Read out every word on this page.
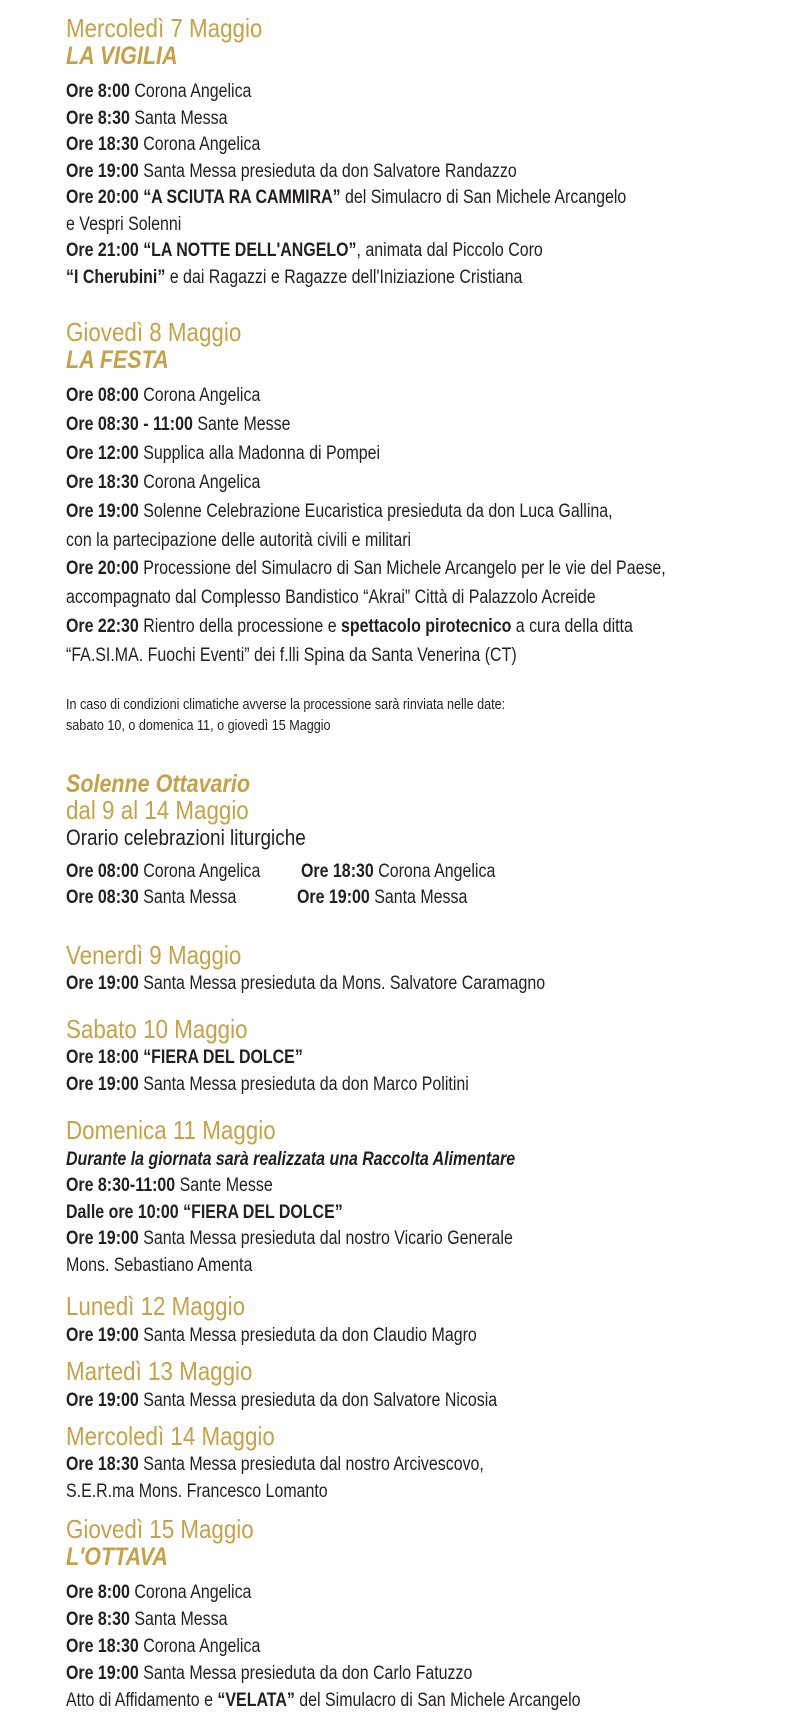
Mercoledì 7 Maggio
LA VIGILIA
Ore 8:00 Corona Angelica
Ore 8:30 Santa Messa
Ore 18:30 Corona Angelica
Ore 19:00 Santa Messa presieduta da don Salvatore Randazzo
Ore 20:00 “A SCIUTA RA CAMMIRA” del Simulacro di San Michele Arcangelo
e Vespri Solenni
Ore 21:00 “LA NOTTE DELL'ANGELO”, animata dal Piccolo Coro
“I Cherubini” e dai Ragazzi e Ragazze dell'Iniziazione Cristiana
Giovedì 8 Maggio
LA FESTA
Ore 08:00 Corona Angelica
Ore 08:30 - 11:00 Sante Messe
Ore 12:00 Supplica alla Madonna di Pompei
Ore 18:30 Corona Angelica
Ore 19:00 Solenne Celebrazione Eucaristica presieduta da don Luca Gallina,
con la partecipazione delle autorità civili e militari
Ore 20:00 Processione del Simulacro di San Michele Arcangelo per le vie del Paese,
accompagnato dal Complesso Bandistico “Akrai” Città di Palazzolo Acreide
Ore 22:30 Rientro della processione e spettacolo pirotecnico a cura della ditta
“FA.SI.MA. Fuochi Eventi” dei f.lli Spina da Santa Venerina (CT)
In caso di condizioni climatiche avverse la processione sarà rinviata nelle date:
sabato 10, o domenica 11, o giovedì 15 Maggio
Solenne Ottavario
dal 9 al 14 Maggio
Orario celebrazioni liturgiche
Ore 08:00 Corona Angelica
Ore 08:30 Santa Messa
Ore 18:30 Corona Angelica
Ore 19:00 Santa Messa
Venerdì 9 Maggio
Ore 19:00 Santa Messa presieduta da Mons. Salvatore Caramagno
Sabato 10 Maggio
Ore 18:00 “FIERA DEL DOLCE”
Ore 19:00 Santa Messa presieduta da don Marco Politini
Domenica 11 Maggio
Durante la giornata sarà realizzata una Raccolta Alimentare
Ore 8:30-11:00 Sante Messe
Dalle ore 10:00 “FIERA DEL DOLCE”
Ore 19:00 Santa Messa presieduta dal nostro Vicario Generale
Mons. Sebastiano Amenta
Lunedì 12 Maggio
Ore 19:00 Santa Messa presieduta da don Claudio Magro
Martedì 13 Maggio
Ore 19:00 Santa Messa presieduta da don Salvatore Nicosia
Mercoledì 14 Maggio
Ore 18:30 Santa Messa presieduta dal nostro Arcivescovo,
S.E.R.ma Mons. Francesco Lomanto
Giovedì 15 Maggio
L'OTTAVA
Ore 8:00 Corona Angelica
Ore 8:30 Santa Messa
Ore 18:30 Corona Angelica
Ore 19:00 Santa Messa presieduta da don Carlo Fatuzzo
Atto di Affidamento e “VELATA” del Simulacro di San Michele Arcangelo
